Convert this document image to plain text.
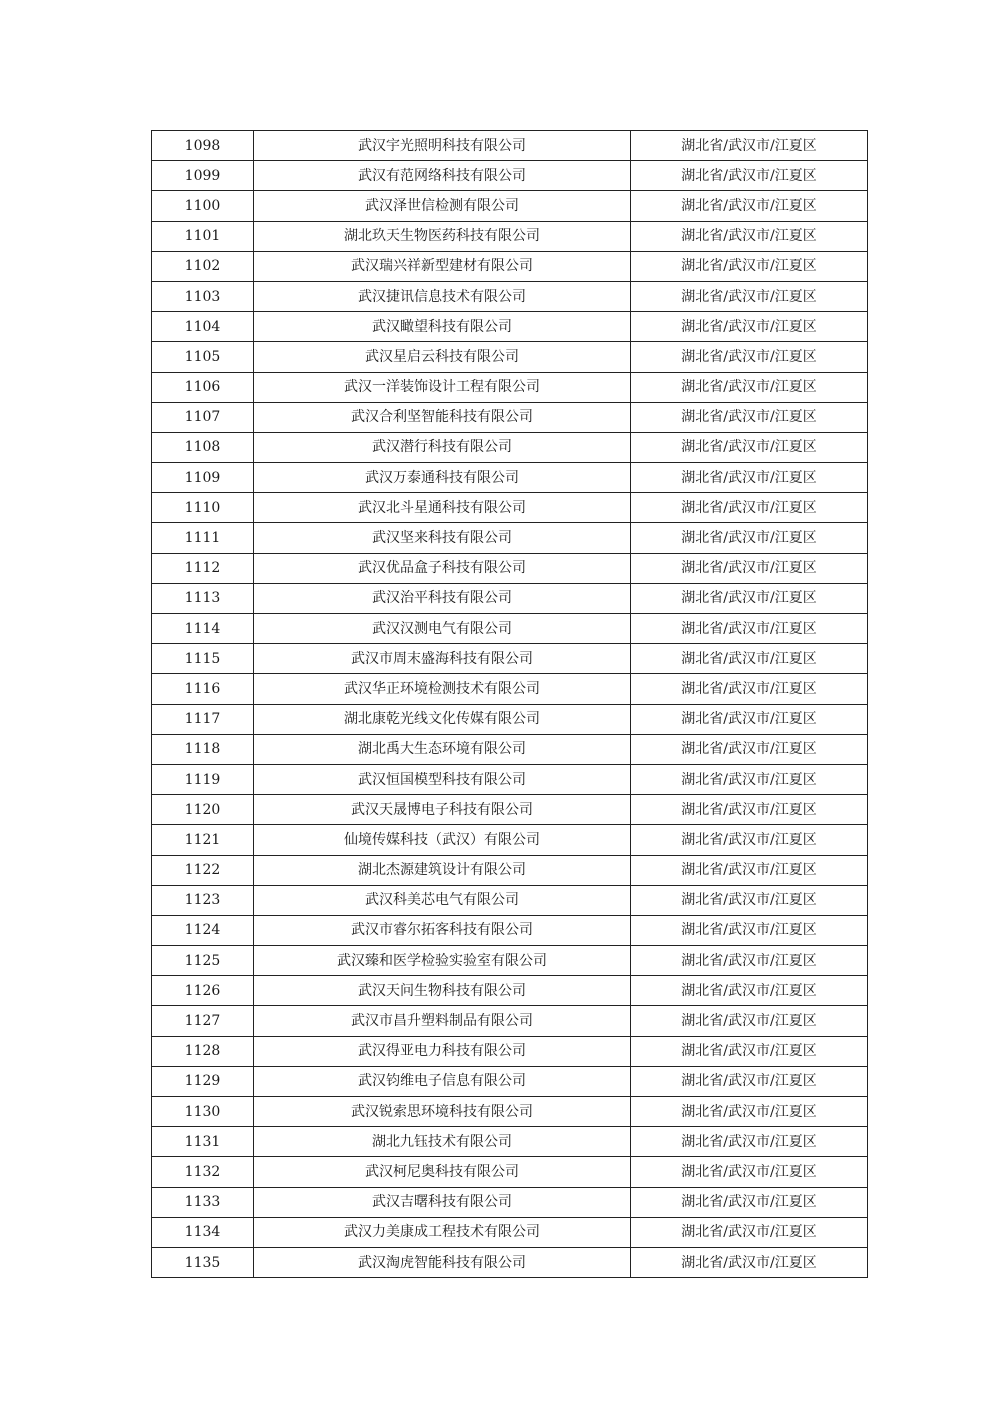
1098	武汉宇光照明科技有限公司	湖北省/武汉市/江夏区
1099	武汉有范网络科技有限公司	湖北省/武汉市/江夏区
1100	武汉泽世信检测有限公司	湖北省/武汉市/江夏区
1101	湖北玖天生物医药科技有限公司	湖北省/武汉市/江夏区
1102	武汉瑞兴祥新型建材有限公司	湖北省/武汉市/江夏区
1103	武汉捷讯信息技术有限公司	湖北省/武汉市/江夏区
1104	武汉瞰望科技有限公司	湖北省/武汉市/江夏区
1105	武汉星启云科技有限公司	湖北省/武汉市/江夏区
1106	武汉一洋装饰设计工程有限公司	湖北省/武汉市/江夏区
1107	武汉合利坚智能科技有限公司	湖北省/武汉市/江夏区
1108	武汉潜行科技有限公司	湖北省/武汉市/江夏区
1109	武汉万泰通科技有限公司	湖北省/武汉市/江夏区
1110	武汉北斗星通科技有限公司	湖北省/武汉市/江夏区
1111	武汉坚来科技有限公司	湖北省/武汉市/江夏区
1112	武汉优品盒子科技有限公司	湖北省/武汉市/江夏区
1113	武汉治平科技有限公司	湖北省/武汉市/江夏区
1114	武汉汉测电气有限公司	湖北省/武汉市/江夏区
1115	武汉市周末盛海科技有限公司	湖北省/武汉市/江夏区
1116	武汉华正环境检测技术有限公司	湖北省/武汉市/江夏区
1117	湖北康乾光线文化传媒有限公司	湖北省/武汉市/江夏区
1118	湖北禹大生态环境有限公司	湖北省/武汉市/江夏区
1119	武汉恒国模型科技有限公司	湖北省/武汉市/江夏区
1120	武汉天晟博电子科技有限公司	湖北省/武汉市/江夏区
1121	仙境传媒科技（武汉）有限公司	湖北省/武汉市/江夏区
1122	湖北杰源建筑设计有限公司	湖北省/武汉市/江夏区
1123	武汉科美芯电气有限公司	湖北省/武汉市/江夏区
1124	武汉市睿尔拓客科技有限公司	湖北省/武汉市/江夏区
1125	武汉臻和医学检验实验室有限公司	湖北省/武汉市/江夏区
1126	武汉天问生物科技有限公司	湖北省/武汉市/江夏区
1127	武汉市昌升塑料制品有限公司	湖北省/武汉市/江夏区
1128	武汉得亚电力科技有限公司	湖北省/武汉市/江夏区
1129	武汉钧维电子信息有限公司	湖北省/武汉市/江夏区
1130	武汉锐索思环境科技有限公司	湖北省/武汉市/江夏区
1131	湖北九钰技术有限公司	湖北省/武汉市/江夏区
1132	武汉柯尼奥科技有限公司	湖北省/武汉市/江夏区
1133	武汉吉曙科技有限公司	湖北省/武汉市/江夏区
1134	武汉力美康成工程技术有限公司	湖北省/武汉市/江夏区
1135	武汉淘虎智能科技有限公司	湖北省/武汉市/江夏区
